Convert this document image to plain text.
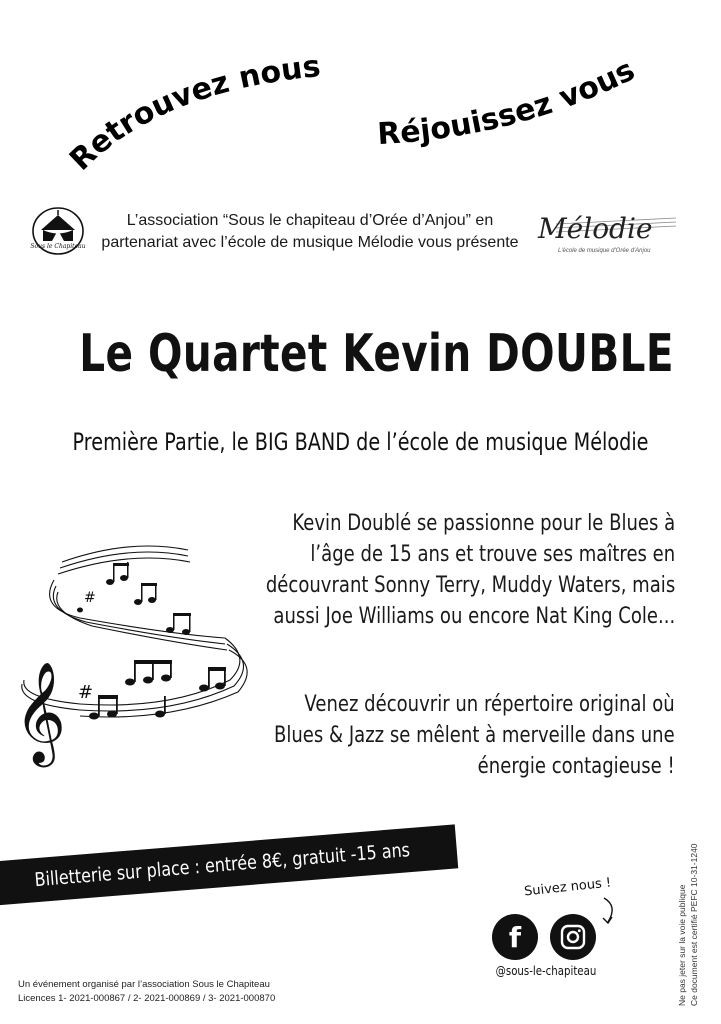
Retrouvez nous
Réjouissez vous
Sous le Chapiteau
L’association “Sous le chapiteau d’Orée d’Anjou” en
partenariat avec l’école de musique Mélodie vous présente Mélodie
L'école de musique d'Orée d'Anjou
Le Quartet Kevin DOUBLE
Première Partie, le BIG BAND de l’école de musique Mélodie
#
#
𝄞
Kevin Doublé se passionne pour le Blues à
l’âge de 15 ans et trouve ses maîtres en
découvrant Sonny Terry, Muddy Waters, mais
aussi Joe Williams ou encore Nat King Cole...
Venez découvrir un répertoire original où
Blues & Jazz se mêlent à merveille dans une
énergie contagieuse !
Billetterie sur place : entrée 8€, gratuit -15 ans	Suivez nous !
f
@sous-le-chapiteau
Un événement organisé par l’association Sous le Chapiteau
Licences 1- 2021-000867 / 2- 2021-000869 / 3- 2021-000870	Ne pas jeter sur la voie publique Ce document est certifié PEFC 10-31-1240
